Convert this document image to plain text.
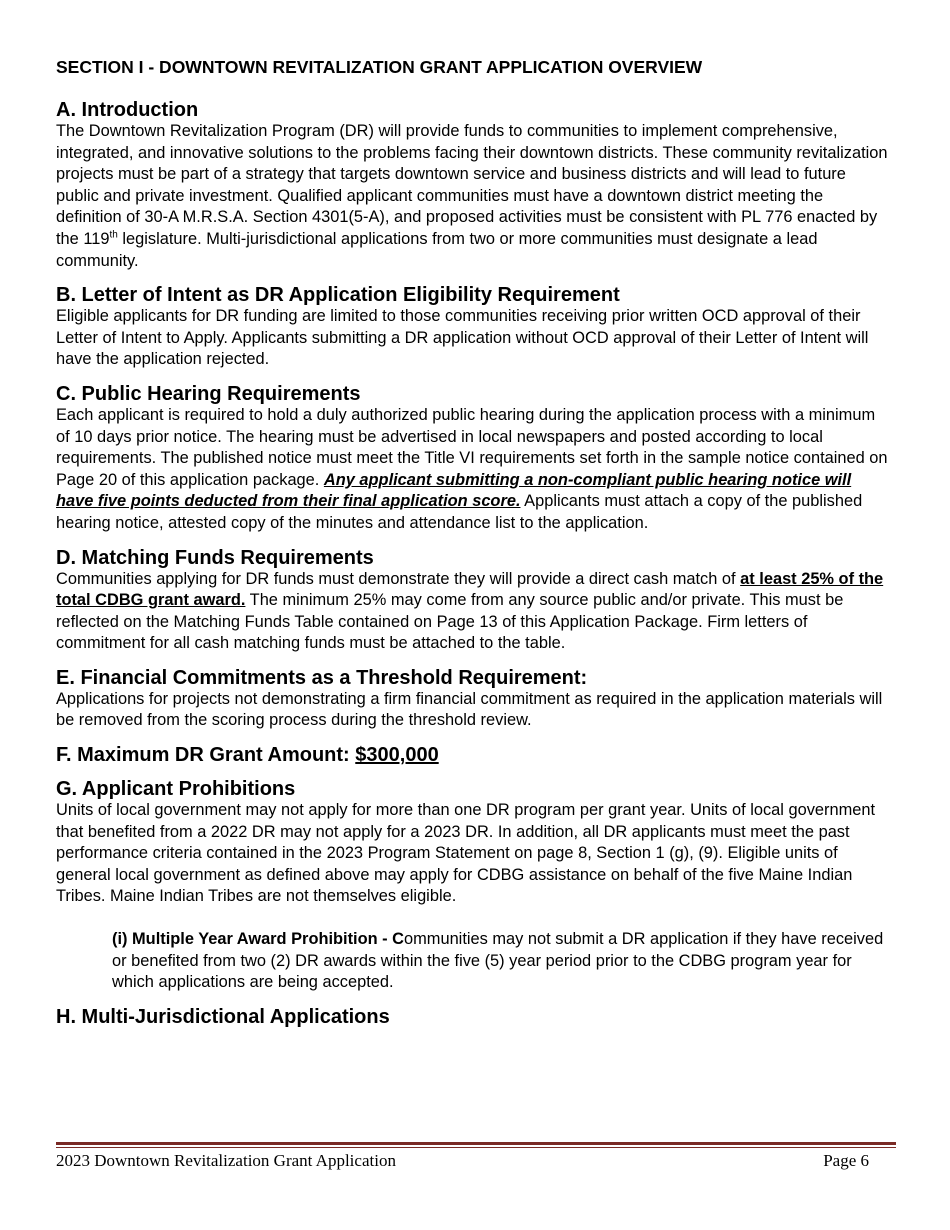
SECTION I - DOWNTOWN REVITALIZATION GRANT APPLICATION OVERVIEW

A. Introduction

The Downtown Revitalization Program (DR) will provide funds to communities to implement comprehensive, integrated, and innovative solutions to the problems facing their downtown districts. These community revitalization projects must be part of a strategy that targets downtown service and business districts and will lead to future public and private investment. Qualified applicant communities must have a downtown district meeting the definition of 30-A M.R.S.A. Section 4301(5-A), and proposed activities must be consistent with PL 776 enacted by the 119th legislature. Multi-jurisdictional applications from two or more communities must designate a lead community.

B. Letter of Intent as DR Application Eligibility Requirement

Eligible applicants for DR funding are limited to those communities receiving prior written OCD approval of their Letter of Intent to Apply. Applicants submitting a DR application without OCD approval of their Letter of Intent will have the application rejected.

C. Public Hearing Requirements

Each applicant is required to hold a duly authorized public hearing during the application process with a minimum of 10 days prior notice. The hearing must be advertised in local newspapers and posted according to local requirements. The published notice must meet the Title VI requirements set forth in the sample notice contained on Page 20 of this application package. Any applicant submitting a non-compliant public hearing notice will have five points deducted from their final application score. Applicants must attach a copy of the published hearing notice, attested copy of the minutes and attendance list to the application.

D. Matching Funds Requirements

Communities applying for DR funds must demonstrate they will provide a direct cash match of at least 25% of the total CDBG grant award. The minimum 25% may come from any source public and/or private. This must be reflected on the Matching Funds Table contained on Page 13 of this Application Package. Firm letters of commitment for all cash matching funds must be attached to the table.

E. Financial Commitments as a Threshold Requirement:

Applications for projects not demonstrating a firm financial commitment as required in the application materials will be removed from the scoring process during the threshold review.

F. Maximum DR Grant Amount: $300,000

G. Applicant Prohibitions

Units of local government may not apply for more than one DR program per grant year. Units of local government that benefited from a 2022 DR may not apply for a 2023 DR. In addition, all DR applicants must meet the past performance criteria contained in the 2023 Program Statement on page 8, Section 1 (g), (9). Eligible units of general local government as defined above may apply for CDBG assistance on behalf of the five Maine Indian Tribes. Maine Indian Tribes are not themselves eligible.

(i) Multiple Year Award Prohibition - Communities may not submit a DR application if they have received or benefited from two (2) DR awards within the five (5) year period prior to the CDBG program year for which applications are being accepted.

H. Multi-Jurisdictional Applications

2023 Downtown Revitalization Grant Application	Page 6
